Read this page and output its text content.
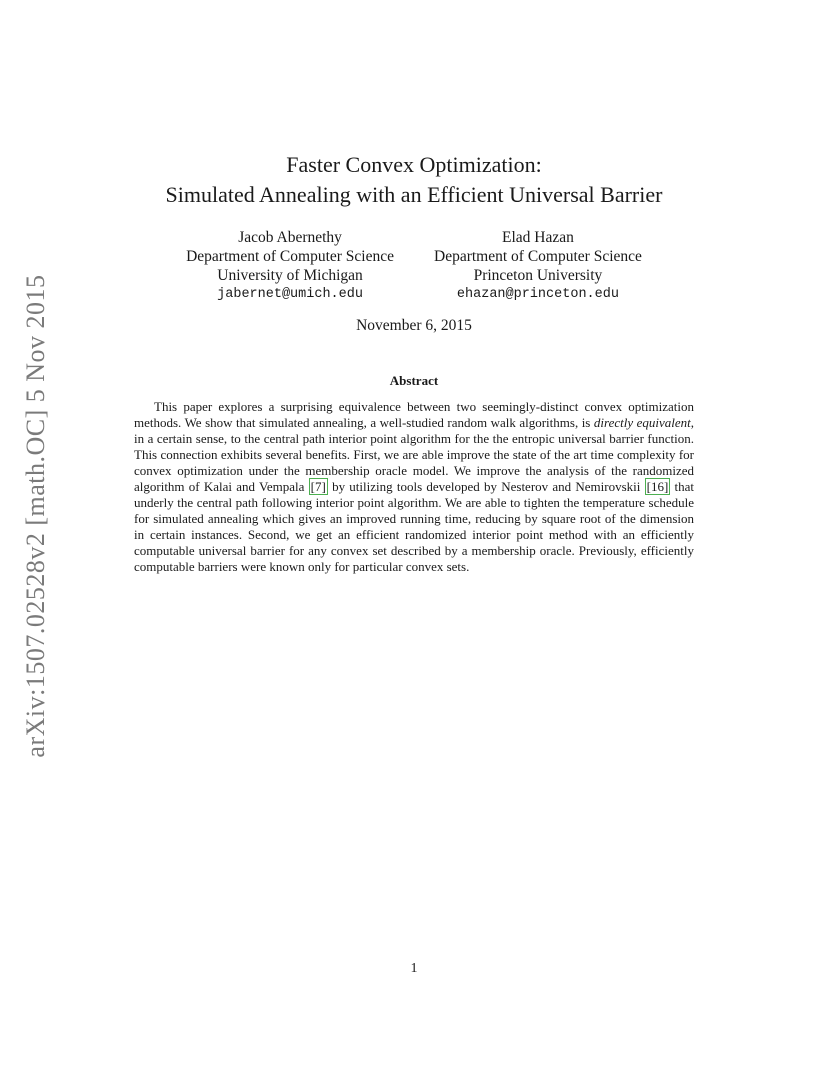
arXiv:1507.02528v2 [math.OC] 5 Nov 2015
Faster Convex Optimization:
Simulated Annealing with an Efficient Universal Barrier
Jacob Abernethy
Department of Computer Science
University of Michigan
jabernet@umich.edu
Elad Hazan
Department of Computer Science
Princeton University
ehazan@princeton.edu
November 6, 2015
Abstract
This paper explores a surprising equivalence between two seemingly-distinct convex optimization methods. We show that simulated annealing, a well-studied random walk algorithms, is directly equivalent, in a certain sense, to the central path interior point algorithm for the the entropic universal barrier function. This connection exhibits several benefits. First, we are able improve the state of the art time complexity for convex optimization under the membership oracle model. We improve the analysis of the randomized algorithm of Kalai and Vempala [7] by utilizing tools developed by Nesterov and Nemirovskii [16] that underly the central path following interior point algorithm. We are able to tighten the temperature schedule for simulated annealing which gives an improved running time, reducing by square root of the dimension in certain instances. Second, we get an efficient randomized interior point method with an efficiently computable universal barrier for any convex set described by a membership oracle. Previously, efficiently computable barriers were known only for particular convex sets.
1
